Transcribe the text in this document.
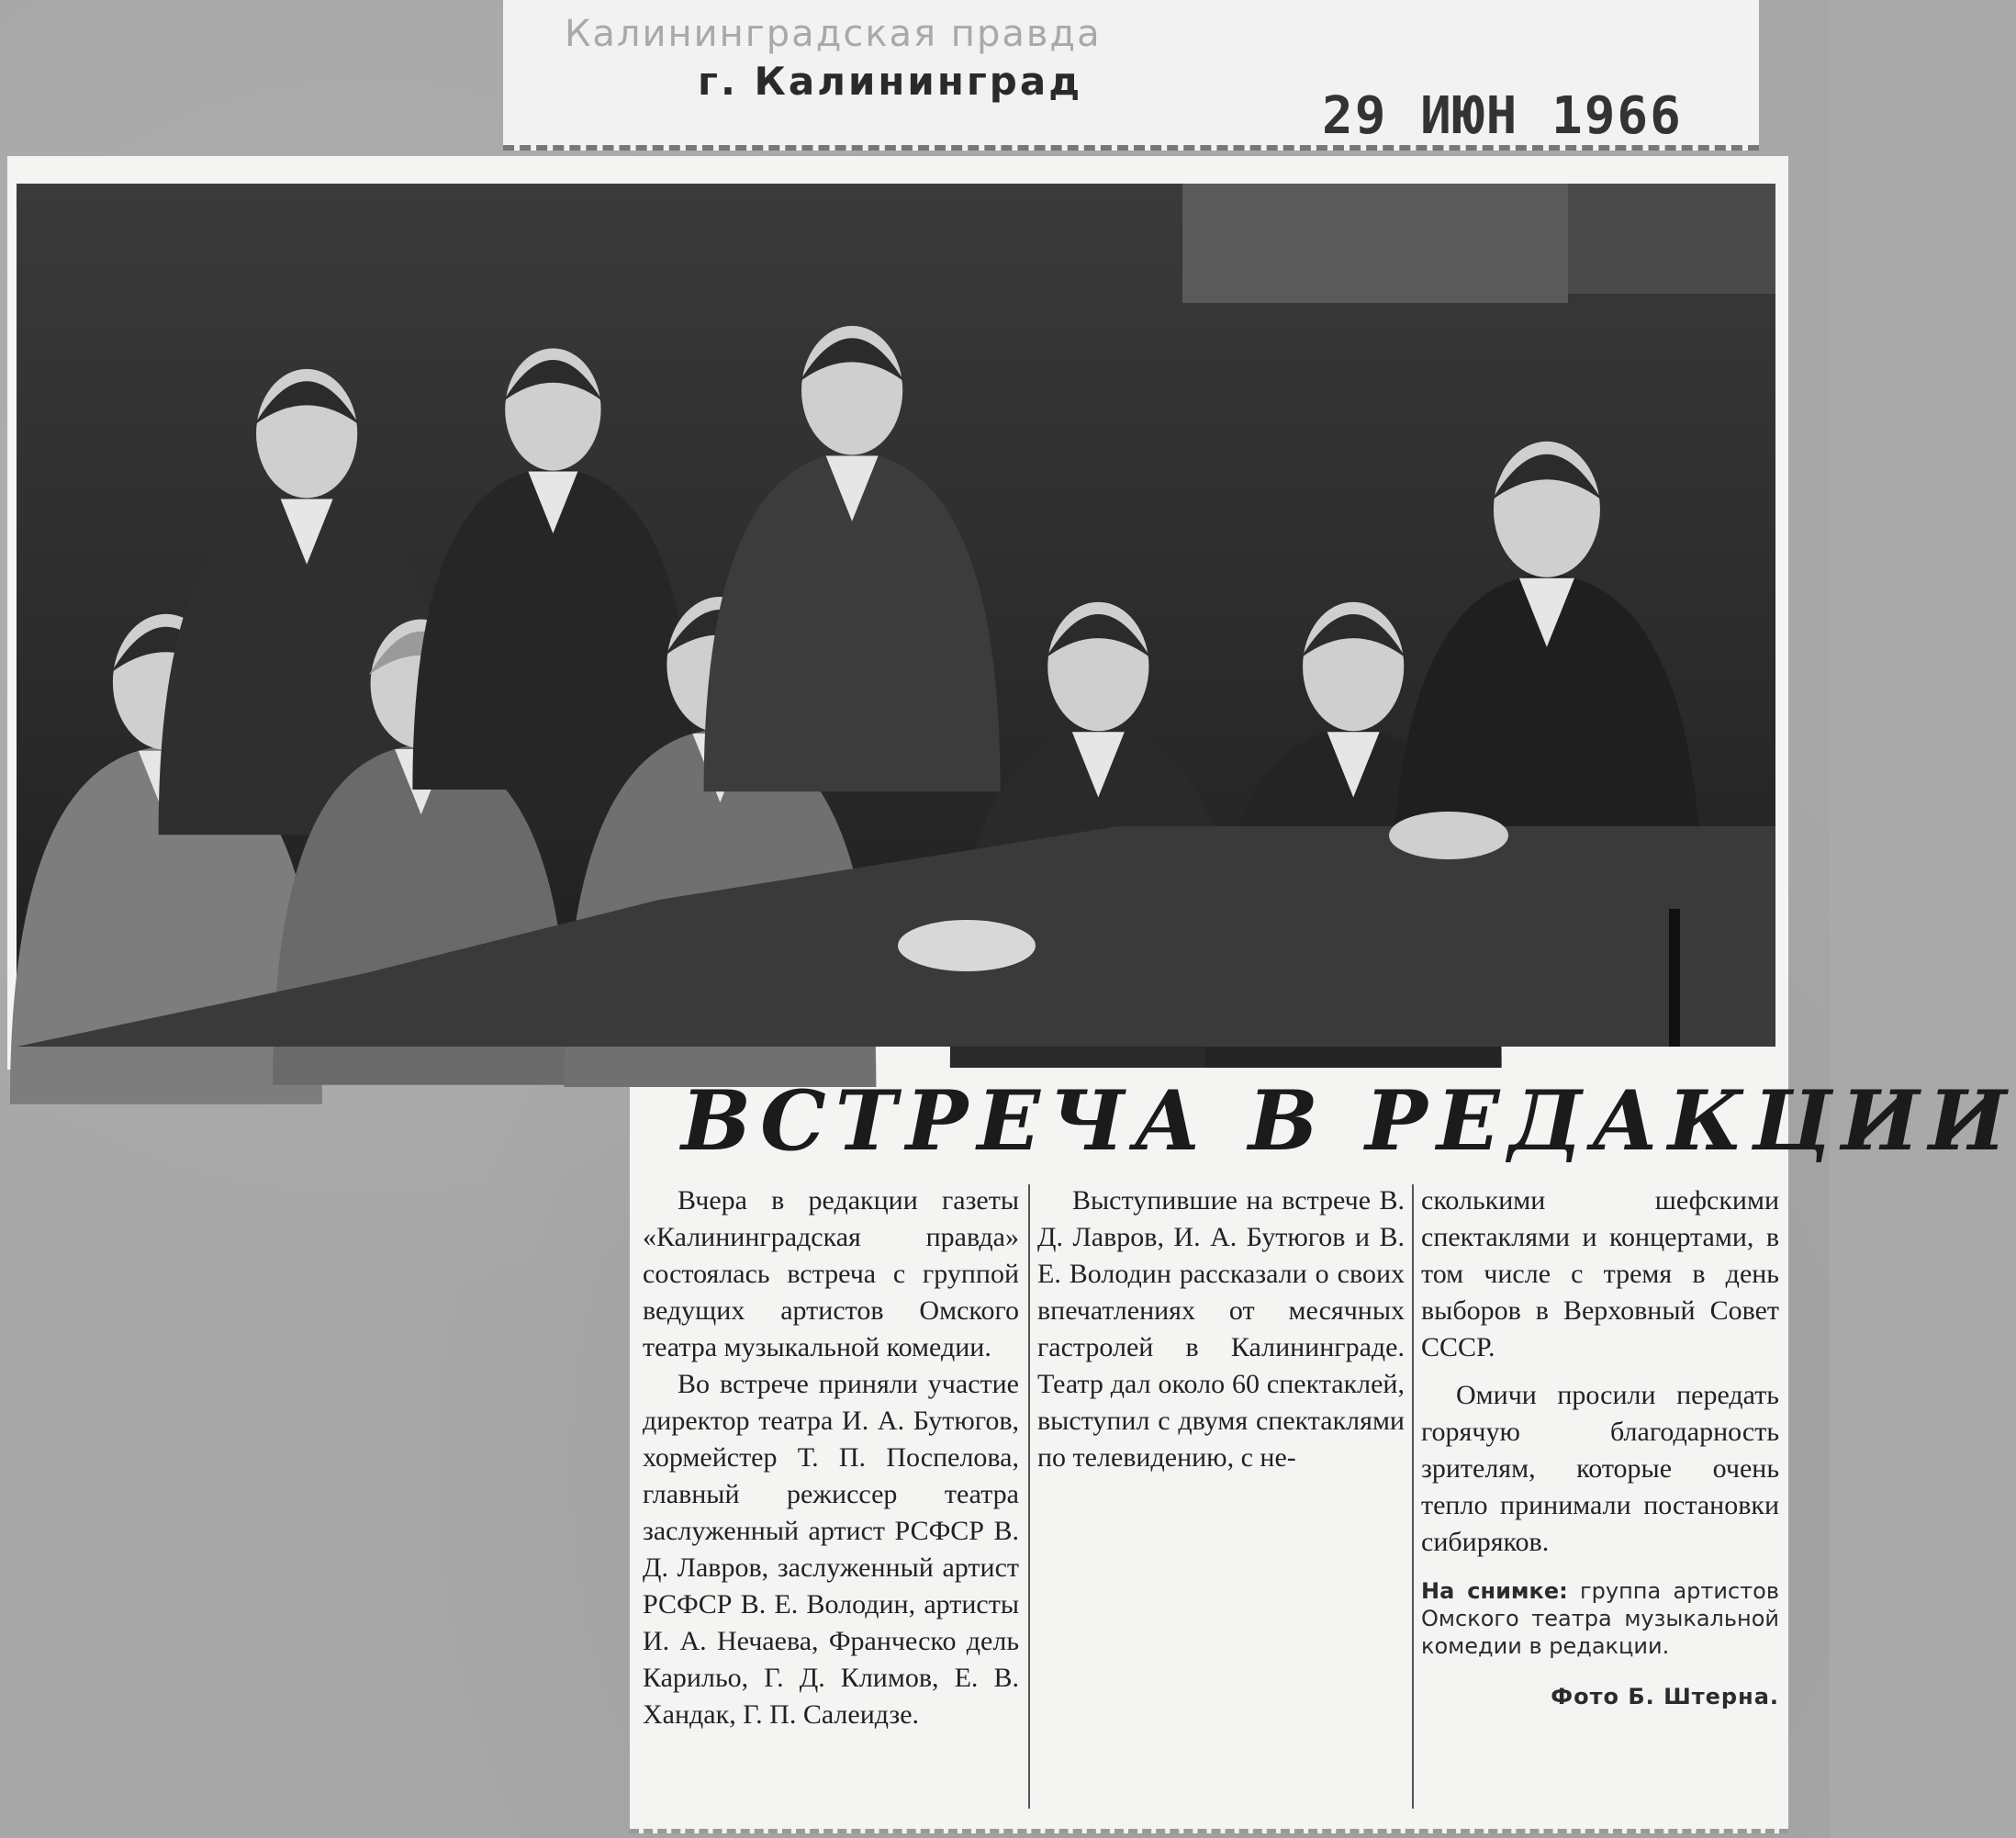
Калининградская правда
г. Калининград
29 ИЮН 1966
ВСТРЕЧА В РЕДАКЦИИ

Вчера в редакции газеты «Калининградская правда» состоялась встреча с группой ведущих артистов Омского театра музыкальной комедии.

Во встрече приняли участие директор театра И. А. Бутюгов, хормейстер Т. П. Поспелова, главный режиссер театра заслуженный артист РСФСР В. Д. Лавров, заслуженный артист РСФСР В. Е. Володин, артисты И. А. Нечаева, Франческо дель Карильо, Г. Д. Климов, Е. В. Хандак, Г. П. Салеидзе.

Выступившие на встрече В. Д. Лавров, И. А. Бутюгов и В. Е. Володин рассказали о своих впечатлениях от месячных гастролей в Калининграде. Театр дал около 60 спектаклей, выступил с двумя спектаклями по телевидению, с не-

сколькими шефскими спектаклями и концертами, в том числе с тремя в день выборов в Верховный Совет СССР.

Омичи просили передать горячую благодарность зрителям, которые очень тепло принимали постановки сибиряков.

На снимке: группа артистов Омского театра музыкальной комедии в редакции.
Фото Б. Штерна.
